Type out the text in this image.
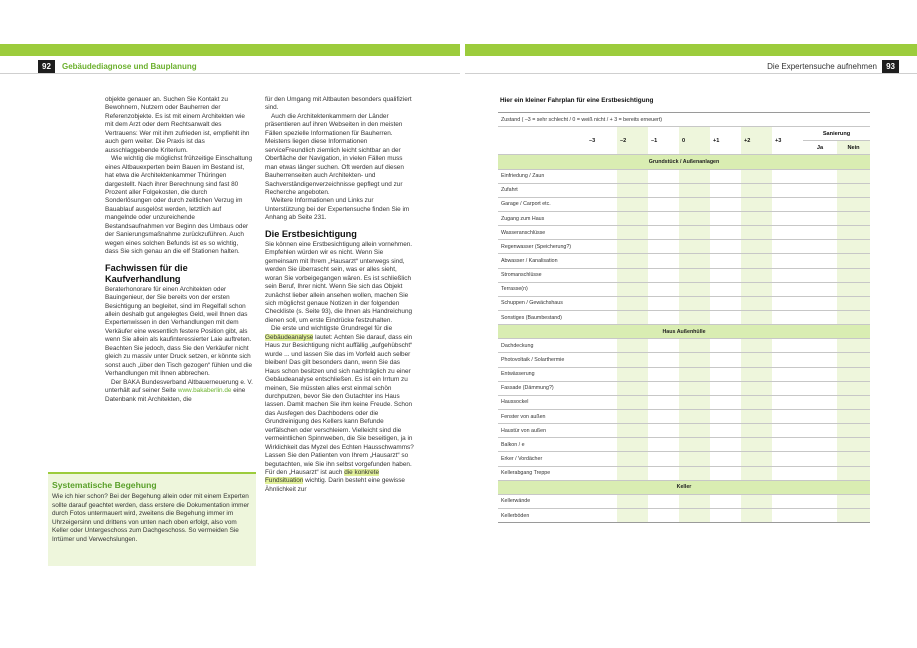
92	Gebäudediagnose und Bauplanung	Die Expertensuche aufnehmen	93

objekte genauer an. Suchen Sie Kontakt zu Bewohnern, Nutzern oder Bauherren der Referenzobjekte. Es ist mit einem Architekten wie mit dem Arzt oder dem Rechtsanwalt des Vertrauens: Wer mit ihm zufrieden ist, empfiehlt ihn auch gern weiter. Die Praxis ist das ausschlaggebende Kriterium.

Wie wichtig die möglichst frühzeitige Einschaltung eines Altbauexperten beim Bauen im Bestand ist, hat etwa die Architektenkammer Thüringen dargestellt. Nach ihrer Berechnung sind fast 80 Prozent aller Folgekosten, die durch Sonderlösungen oder durch zeitlichen Verzug im Bauablauf ausgelöst werden, letztlich auf mangelnde oder unzureichende Bestandsaufnahmen vor Beginn des Umbaus oder der Sanierungsmaßnahme zurückzuführen. Auch wegen eines solchen Befunds ist es so wichtig, dass Sie sich genau an die elf Stationen halten.

Fachwissen für die Kaufverhandlung

Beraterhonorare für einen Architekten oder Bauingenieur, der Sie bereits von der ersten Besichtigung an begleitet, sind im Regelfall schon allein deshalb gut angelegtes Geld, weil Ihnen das Expertenwissen in den Verhandlungen mit dem Verkäufer eine wesentlich festere Position gibt, als wenn Sie allein als kaufinteressierter Laie auftreten. Beachten Sie jedoch, dass Sie den Verkäufer nicht gleich zu massiv unter Druck setzen, er könnte sich sonst auch „über den Tisch gezogen“ fühlen und die Verhandlungen mit Ihnen abbrechen.

Der BAKA Bundesverband Altbauerneuerung e. V. unterhält auf seiner Seite www.bakaberlin.de eine Datenbank mit Architekten, die

für den Umgang mit Altbauten besonders qualifiziert sind.

Auch die Architektenkammern der Länder präsentieren auf ihren Webseiten in den meisten Fällen spezielle Informationen für Bauherren. Meistens liegen diese Informationen serviceFreundlich ziemlich leicht sichtbar an der Oberfläche der Navigation, in vielen Fällen muss man etwas länger suchen. Oft werden auf diesen Bauherrenseiten auch Architekten- und Sachverständigenverzeichnisse gepflegt und zur Recherche angeboten.

Weitere Informationen und Links zur Unterstützung bei der Expertensuche finden Sie im Anhang ab Seite 231.

Die Erstbesichtigung

Sie können eine Erstbesichtigung allein vornehmen. Empfehlen würden wir es nicht. Wenn Sie gemeinsam mit Ihrem „Hausarzt“ unterwegs sind, werden Sie überrascht sein, was er alles sieht, woran Sie vorbeigegangen wären. Es ist schließlich sein Beruf, Ihrer nicht. Wenn Sie sich das Objekt zunächst lieber allein ansehen wollen, machen Sie sich möglichst genaue Notizen in der folgenden Checkliste (s. Seite 93), die Ihnen als Handreichung dienen soll, um erste Eindrücke festzuhalten.

Die erste und wichtigste Grundregel für die Gebäudeanalyse lautet: Achten Sie darauf, dass ein Haus zur Besichtigung nicht auffällig „aufgehübscht“ wurde ... und lassen Sie das im Vorfeld auch selber bleiben! Das gilt besonders dann, wenn Sie das Haus schon besitzen und sich nachträglich zu einer Gebäudeanalyse entschließen. Es ist ein Irrtum zu meinen, Sie müssten alles erst einmal schön durchputzen, bevor Sie den Gutachter ins Haus lassen. Damit machen Sie ihm keine Freude. Schon das Ausfegen des Dachbodens oder die Grundreinigung des Kellers kann Befunde verfälschen oder verschleiern. Vielleicht sind die vermeintlichen Spinnweben, die Sie beseitigen, ja in Wirklichkeit das Myzel des Echten Hausschwamms? Lassen Sie den Patienten von Ihrem „Hausarzt“ so begutachten, wie Sie ihn selbst vorgefunden haben. Für den „Hausarzt“ ist auch die konkrete Fundsituation wichtig. Darin besteht eine gewisse Ähnlichkeit zur

Systematische Begehung

Wie ich hier schon? Bei der Begehung allein oder mit einem Experten sollte darauf geachtet werden, dass erstere die Dokumentation immer durch Fotos untermauert wird, zweitens die Begehung immer im Uhrzeigersinn und drittens von unten nach oben erfolgt, also vom Keller oder Untergeschoss zum Dachgeschoss. So vermeiden Sie Irrtümer und Verwechslungen.

Hier ein kleiner Fahrplan für eine Erstbesichtigung
Zustand ( –3 = sehr schlecht / 0 = weiß nicht / + 3 = bereits erneuert)									
	–3	–2	–1	0	+1	+2	+3	Sanierung	
								Ja	Nein
Grundstück / Außenanlagen									
Einfriedung / Zaun									
Zufahrt									
Garage / Carport etc.									
Zugang zum Haus									
Wasseranschlüsse									
Regenwasser (Speicherung?)									
Abwasser / Kanalisation									
Stromanschlüsse									
Terrasse(n)									
Schuppen / Gewächshaus									
Sonstiges (Baumbestand)									
Haus Außenhülle									
Dachdeckung									
Photovoltaik / Solarthermie									
Entwässerung									
Fassade (Dämmung?)									
Haussockel									
Fenster von außen									
Haustür von außen									
Balkon / e									
Erker / Vordächer									
Kellerabgang Treppe									
Keller									
Kellerwände									
Kellerböden									
